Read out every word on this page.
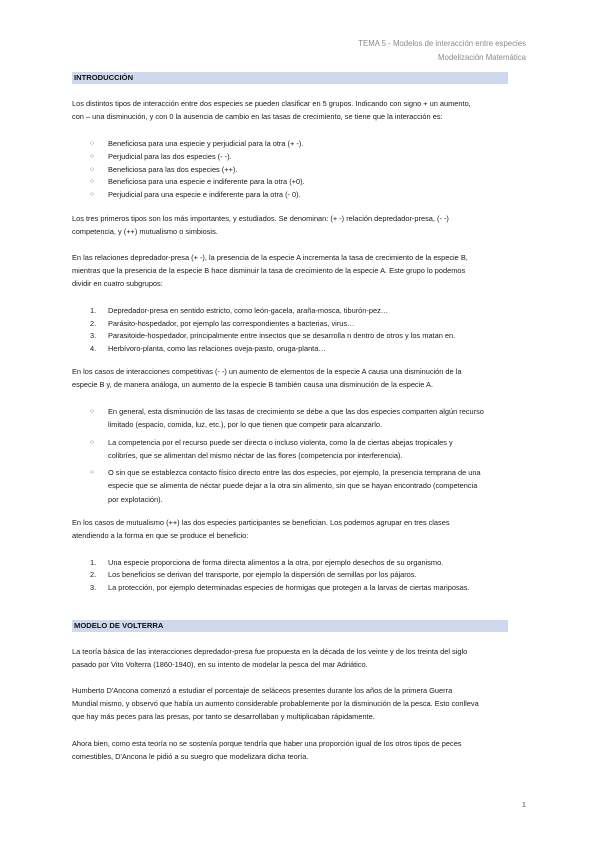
TEMA 5 - Modelos de interacción entre especies
Modelización Matemática
INTRODUCCIÓN
Los distintos tipos de interacción entre dos especies se pueden clasificar en 5 grupos. Indicando con signo + un aumento,
con – una disminución, y con 0 la ausencia de cambio en las tasas de crecimiento, se tiene que la interacción es:
○	Beneficiosa para una especie y perjudicial para la otra (+ -).
○	Perjudicial para las dos especies (- -).
○	Beneficiosa para las dos especies (++).
○	Beneficiosa para una especie e indiferente para la otra (+0).
○	Perjudicial para una especie e indiferente para la otra (- 0).
Los tres primeros tipos son los más importantes, y estudiados. Se denominan: (+ -) relación depredador-presa, (- -)
competencia, y (++) mutualismo o simbiosis.
En las relaciones depredador-presa (+ -), la presencia de la especie A incrementa la tasa de crecimiento de la especie B,
mientras que la presencia de la especie B hace disminuir la tasa de crecimiento de la especie A. Este grupo lo podemos
dividir en cuatro subgrupos:
1.	Depredador-presa en sentido estricto, como león-gacela, araña-mosca, tiburón-pez…
2.	Parásito-hospedador, por ejemplo las correspondientes a bacterias, virus…
3.	Parasitoide-hospedador, principalmente entre insectos que se desarrolla n dentro de otros y los matan en.
4.	Herbívoro-planta, como las relaciones oveja-pasto, oruga-planta…
En los casos de interacciones competitivas (- -) un aumento de elementos de la especie A causa una disminución de la
especie B y, de manera análoga, un aumento de la especie B también causa una disminución de la especie A.
○ En general, esta disminución de las tasas de crecimiento se debe a que las dos especies comparten algún recurso
limitado (espacio, comida, luz, etc.), por lo que tienen que competir para alcanzarlo.
○ La competencia por el recurso puede ser directa o incluso violenta, como la de ciertas abejas tropicales y
colibríes, que se alimentan del mismo néctar de las flores (competencia por interferencia).
○ O sin que se establezca contacto físico directo entre las dos especies, por ejemplo, la presencia temprana de una
especie que se alimenta de néctar puede dejar a la otra sin alimento, sin que se hayan encontrado (competencia
por explotación).
En los casos de mutualismo (++) las dos especies participantes se benefician. Los podemos agrupar en tres clases
atendiendo a la forma en que se produce el beneficio:
1.	Una especie proporciona de forma directa alimentos a la otra, por ejemplo desechos de su organismo.
2.	Los beneficios se derivan del transporte, por ejemplo la dispersión de semillas por los pájaros.
3.	La protección, por ejemplo determinadas especies de hormigas que protegen a la larvas de ciertas mariposas.
MODELO DE VOLTERRA
La teoría básica de las interacciones depredador-presa fue propuesta en la década de los veinte y de los treinta del siglo
pasado por Vito Volterra (1860-1940), en su intento de modelar la pesca del mar Adriático.
Humberto D'Ancona comenzó a estudiar el porcentaje de seláceos presentes durante los años de la primera Guerra
Mundial mismo, y observó que había un aumento considerable probablemente por la disminución de la pesca. Esto conlleva
que hay más peces para las presas, por tanto se desarrollaban y multiplicaban rápidamente.
Ahora bien, como esta teoría no se sostenía porque tendría que haber una proporción igual de los otros tipos de peces
comestibles, D'Ancona le pidió a su suegro que modelizara dicha teoría.
1
